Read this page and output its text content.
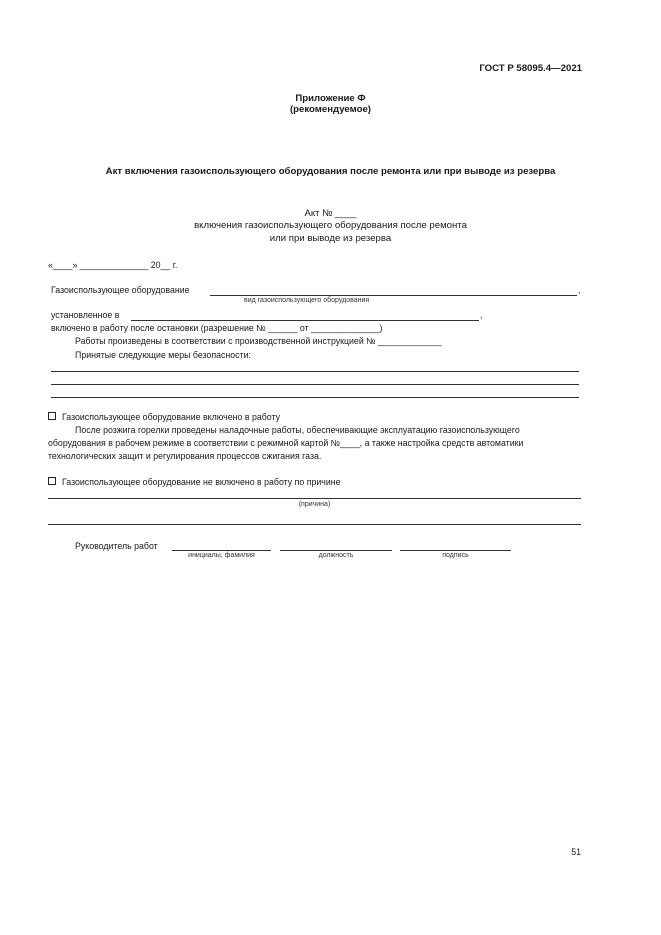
ГОСТ Р 58095.4—2021
Приложение Ф
(рекомендуемое)
Акт включения газоиспользующего оборудования после ремонта или при выводе из резерва
Акт № ____
включения газоиспользующего оборудования после ремонта
или при выводе из резерва
«____» ______________ 20__ г.
Газоиспользующее оборудование	,
вид газоиспользующего оборудования
установленное в	,
включено в работу после остановки (разрешение № ______ от ______________)
Работы произведены в соответствии с производственной инструкцией № _____________
Принятые следующие меры безопасности:
Газоиспользующее оборудование включено в работу
После розжига горелки проведены наладочные работы, обеспечивающие эксплуатацию газоиспользующего
оборудования в рабочем режиме в соответствии с режимной картой №____, а также настройка средств автоматики
технологических защит и регулирования процессов сжигания газа.
Газоиспользующее оборудование не включено в работу по причине
(причина)
Руководитель работ
инициалы, фамилия	должность	подпись
51
